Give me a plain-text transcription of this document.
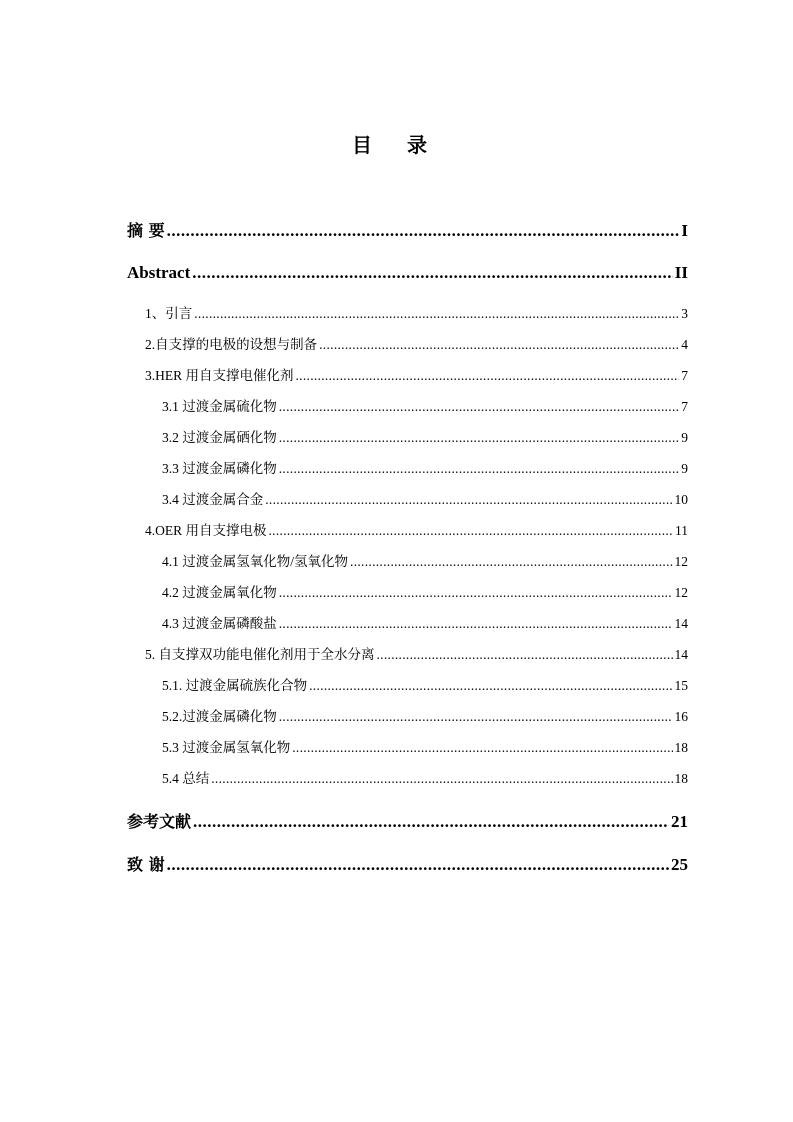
目 录
摘 要 .....	I
Abstract .....	II
1、引言 .....	3
2.自支撑的电极的设想与制备 .....	4
3.HER 用自支撑电催化剂 .....	7
3.1 过渡金属硫化物 .....	7
3.2 过渡金属硒化物 .....	9
3.3 过渡金属磷化物 .....	9
3.4 过渡金属合金 .....	10
4.OER 用自支撑电极 .....	11
4.1 过渡金属氢氧化物/氢氧化物 .....	12
4.2 过渡金属氧化物 .....	12
4.3 过渡金属磷酸盐 .....	14
5. 自支撑双功能电催化剂用于全水分离 .....	14
5.1. 过渡金属硫族化合物 .....	15
5.2.过渡金属磷化物 .....	16
5.3 过渡金属氢氧化物 .....	18
5.4 总结 .....	18
参考文献 .....	21
致 谢 .....	25
